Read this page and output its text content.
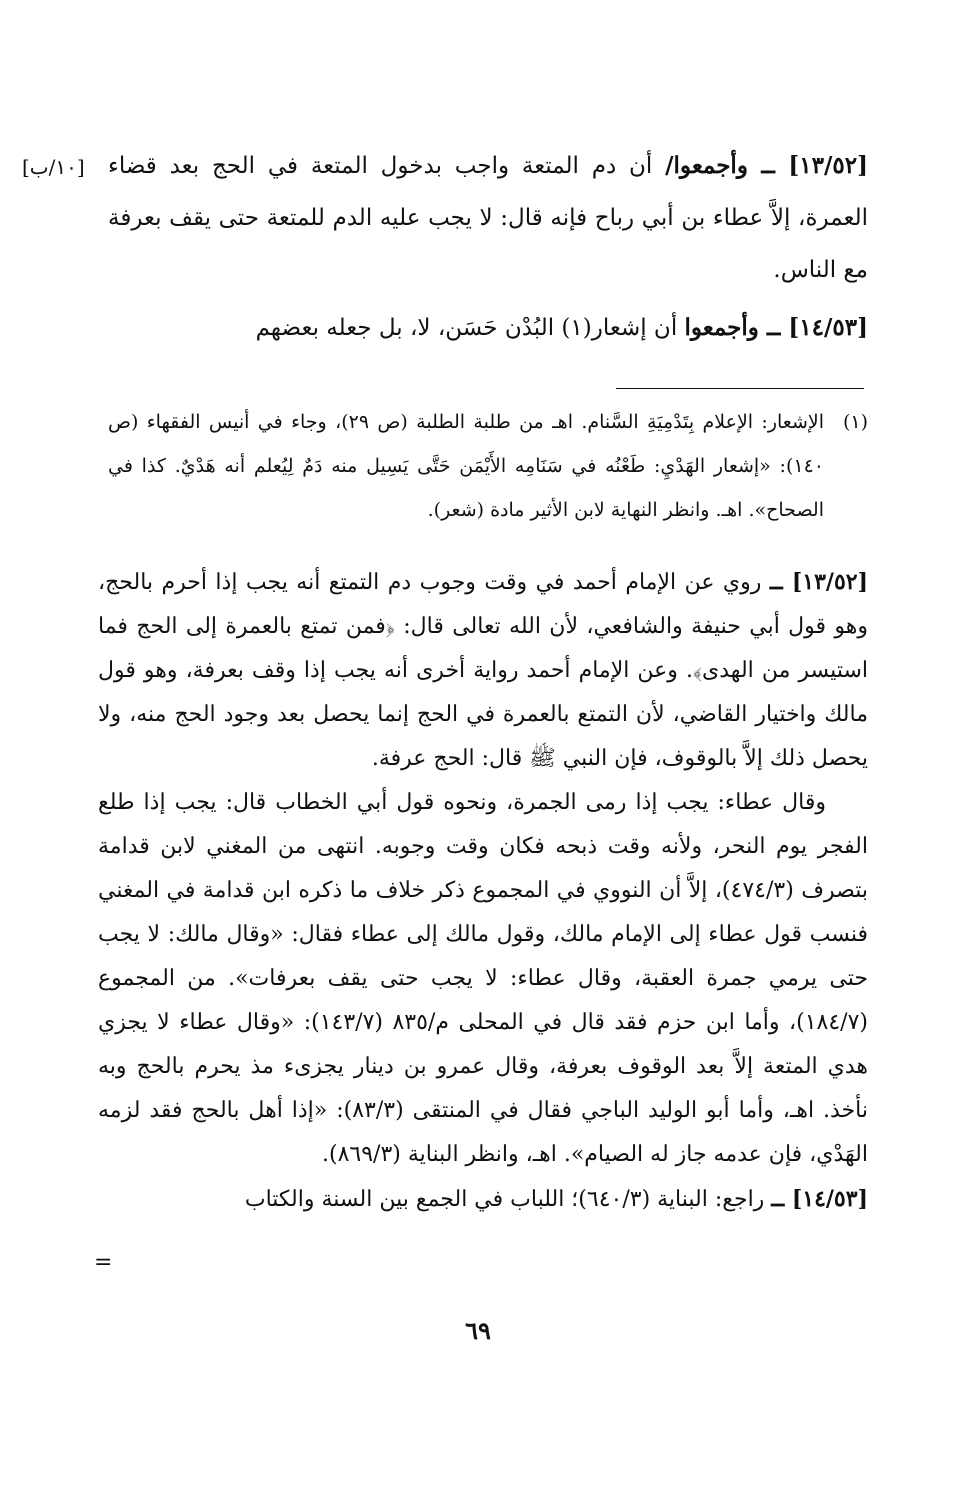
[١٠/ب]	[١٣/٥٢] ــ وأجمعوا/ أن دم المتعة واجب بدخول المتعة في الحج بعد قضاء العمرة، إلاَّ عطاء بن أبي رباح فإنه قال: لا يجب عليه الدم للمتعة حتى يقف بعرفة مع الناس.

[١٤/٥٣] ــ وأجمعوا أن إشعار(١) البُدْن حَسَن، لا، بل جعله بعضهم

(١)
الإشعار: الإعلام بِتَدْمِيَةِ السَّنام. اهـ من طلبة الطلبة (ص ٢٩)، وجاء في أنيس الفقهاء (ص ١٤٠): «إشعار الهَدْيِ: طَعْنُه في سَنَامِه الأَيْمَن حَتَّى يَسِيل منه دَمٌ لِيُعلم أنه هَدْيٌ. كذا في الصحاح». اهـ. وانظر النهاية لابن الأثير مادة (شعر).

[١٣/٥٢] ــ روي عن الإمام أحمد في وقت وجوب دم التمتع أنه يجب إذا أحرم بالحج، وهو قول أبي حنيفة والشافعي، لأن الله تعالى قال: ﴿فمن تمتع بالعمرة إلى الحج فما استيسر من الهدى﴾. وعن الإمام أحمد رواية أخرى أنه يجب إذا وقف بعرفة، وهو قول مالك واختيار القاضي، لأن التمتع بالعمرة في الحج إنما يحصل بعد وجود الحج منه، ولا يحصل ذلك إلاَّ بالوقوف، فإن النبي ﷺ قال: الحج عرفة.

وقال عطاء: يجب إذا رمى الجمرة، ونحوه قول أبي الخطاب قال: يجب إذا طلع الفجر يوم النحر، ولأنه وقت ذبحه فكان وقت وجوبه. انتهى من المغني لابن قدامة بتصرف (٤٧٤/٣)، إلاَّ أن النووي في المجموع ذكر خلاف ما ذكره ابن قدامة في المغني فنسب قول عطاء إلى الإمام مالك، وقول مالك إلى عطاء فقال: «وقال مالك: لا يجب حتى يرمي جمرة العقبة، وقال عطاء: لا يجب حتى يقف بعرفات». من المجموع (١٨٤/٧)، وأما ابن حزم فقد قال في المحلى م/٨٣٥ (١٤٣/٧): «وقال عطاء لا يجزي هدي المتعة إلاَّ بعد الوقوف بعرفة، وقال عمرو بن دينار يجزىء مذ يحرم بالحج وبه نأخذ. اهـ، وأما أبو الوليد الباجي فقال في المنتقى (٨٣/٣): «إذا أهل بالحج فقد لزمه الهَدْي، فإن عدمه جاز له الصيام». اهـ، وانظر البناية (٨٦٩/٣).

[١٤/٥٣] ــ راجع: البناية (٦٤٠/٣)؛ اللباب في الجمع بين السنة والكتاب

=
٦٩
